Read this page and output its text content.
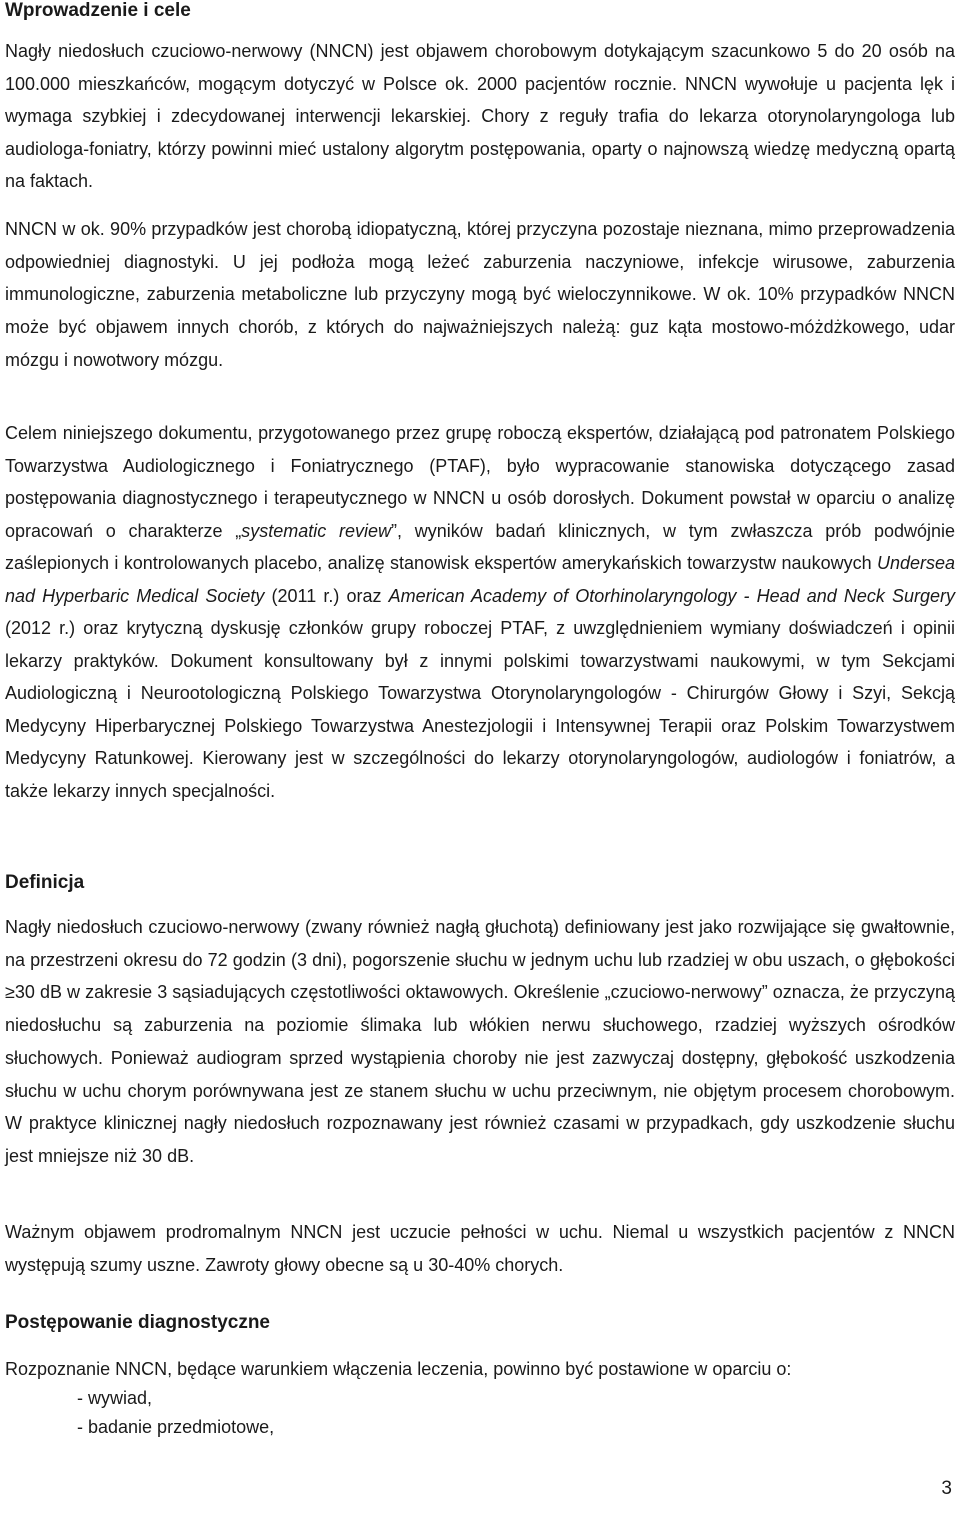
Wprowadzenie i cele

Nagły niedosłuch czuciowo-nerwowy (NNCN) jest objawem chorobowym dotykającym szacunkowo 5 do 20 osób na 100.000 mieszkańców, mogącym dotyczyć w Polsce ok. 2000 pacjentów rocznie. NNCN wywołuje u pacjenta lęk i wymaga szybkiej i zdecydowanej interwencji lekarskiej. Chory z reguły trafia do lekarza otorynolaryngologa lub audiologa-foniatry, którzy powinni mieć ustalony algorytm postępowania, oparty o najnowszą wiedzę medyczną opartą na faktach.

NNCN w ok. 90% przypadków jest chorobą idiopatyczną, której przyczyna pozostaje nieznana, mimo przeprowadzenia odpowiedniej diagnostyki. U jej podłoża mogą leżeć zaburzenia naczyniowe, infekcje wirusowe, zaburzenia immunologiczne, zaburzenia metaboliczne lub przyczyny mogą być wieloczynnikowe. W ok. 10% przypadków NNCN może być objawem innych chorób, z których do najważniejszych należą: guz kąta mostowo-móżdżkowego, udar mózgu i nowotwory mózgu.

Celem niniejszego dokumentu, przygotowanego przez grupę roboczą ekspertów, działającą pod patronatem Polskiego Towarzystwa Audiologicznego i Foniatrycznego (PTAF), było wypracowanie stanowiska dotyczącego zasad postępowania diagnostycznego i terapeutycznego w NNCN u osób dorosłych. Dokument powstał w oparciu o analizę opracowań o charakterze „systematic review”, wyników badań klinicznych, w tym zwłaszcza prób podwójnie zaślepionych i kontrolowanych placebo, analizę stanowisk ekspertów amerykańskich towarzystw naukowych Undersea nad Hyperbaric Medical Society (2011 r.) oraz American Academy of Otorhinolaryngology - Head and Neck Surgery (2012 r.) oraz krytyczną dyskusję członków grupy roboczej PTAF, z uwzględnieniem wymiany doświadczeń i opinii lekarzy praktyków. Dokument konsultowany był z innymi polskimi towarzystwami naukowymi, w tym Sekcjami Audiologiczną i Neurootologiczną Polskiego Towarzystwa Otorynolaryngologów - Chirurgów Głowy i Szyi, Sekcją Medycyny Hiperbarycznej Polskiego Towarzystwa Anestezjologii i Intensywnej Terapii oraz Polskim Towarzystwem Medycyny Ratunkowej. Kierowany jest w szczególności do lekarzy otorynolaryngologów, audiologów i foniatrów, a także lekarzy innych specjalności.

Definicja

Nagły niedosłuch czuciowo-nerwowy (zwany również nagłą głuchotą) definiowany jest jako rozwijające się gwałtownie, na przestrzeni okresu do 72 godzin (3 dni), pogorszenie słuchu w jednym uchu lub rzadziej w obu uszach, o głębokości ≥30 dB w zakresie 3 sąsiadujących częstotliwości oktawowych. Określenie „czuciowo-nerwowy” oznacza, że przyczyną niedosłuchu są zaburzenia na poziomie ślimaka lub włókien nerwu słuchowego, rzadziej wyższych ośrodków słuchowych. Ponieważ audiogram sprzed wystąpienia choroby nie jest zazwyczaj dostępny, głębokość uszkodzenia słuchu w uchu chorym porównywana jest ze stanem słuchu w uchu przeciwnym, nie objętym procesem chorobowym. W praktyce klinicznej nagły niedosłuch rozpoznawany jest również czasami w przypadkach, gdy uszkodzenie słuchu jest mniejsze niż 30 dB.

Ważnym objawem prodromalnym NNCN jest uczucie pełności w uchu. Niemal u wszystkich pacjentów z NNCN występują szumy uszne. Zawroty głowy obecne są u 30-40% chorych.

Postępowanie diagnostyczne

Rozpoznanie NNCN, będące warunkiem włączenia leczenia, powinno być postawione w oparciu o:

- wywiad,
- badanie przedmiotowe,
3
